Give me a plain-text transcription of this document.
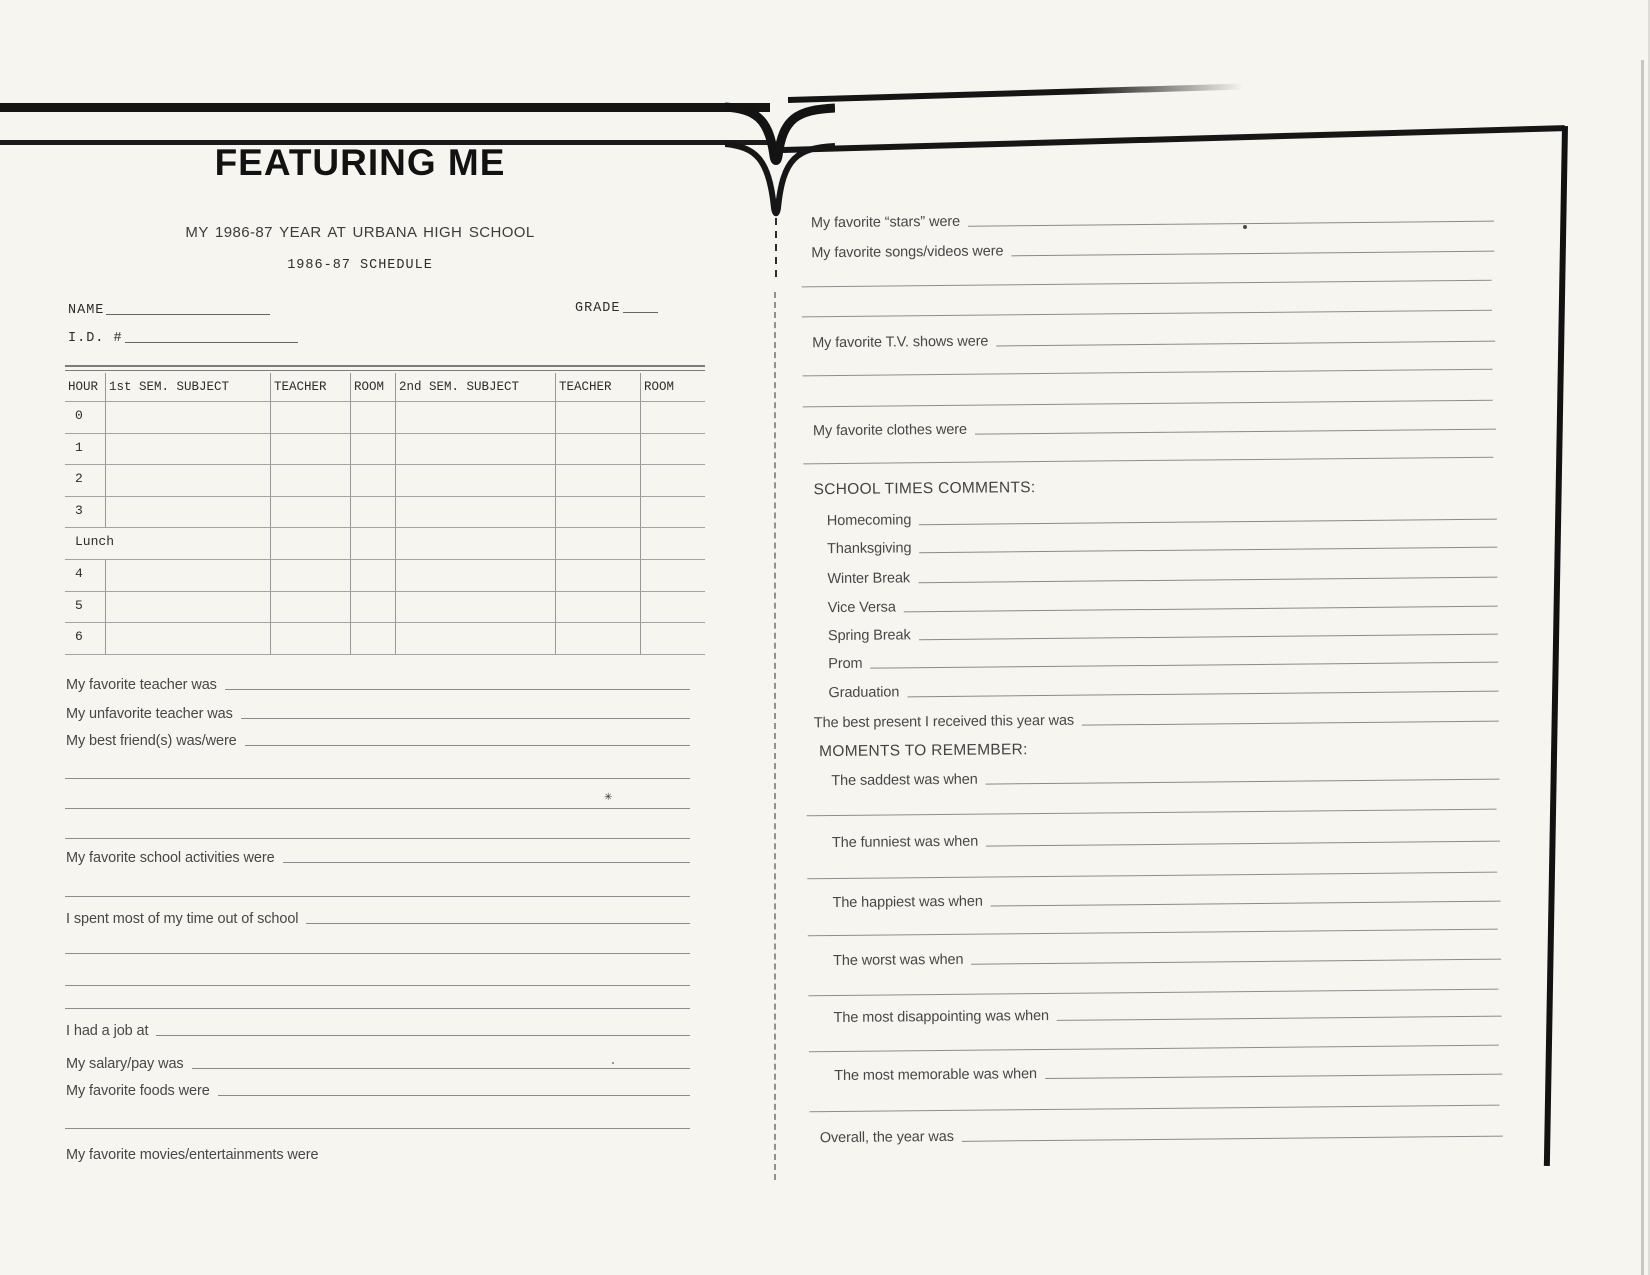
FEATURING ME
MY 1986-87 YEAR AT URBANA HIGH SCHOOL
1986-87 SCHEDULE
NAME	GRADE
I.D. #
HOUR 1st SEM. SUBJECT	TEACHER	ROOM	2nd SEM. SUBJECT	TEACHER	ROOM
0
1
2
3
Lunch
4
5
6
My favorite teacher was
My unfavorite teacher was
My best friend(s) was/were
My favorite school activities were
I spent most of my time out of school
I had a job at
My salary/pay was
My favorite foods were
My favorite movies/entertainments were
✳
My favorite “stars” were
My favorite songs/videos were
My favorite T.V. shows were
My favorite clothes were
SCHOOL TIMES COMMENTS:
Homecoming
Thanksgiving
Winter Break
Vice Versa
Spring Break
Prom
Graduation
The best present I received this year was
MOMENTS TO REMEMBER:
The saddest was when
The funniest was when
The happiest was when
The worst was when
The most disappointing was when
The most memorable was when
Overall, the year was
